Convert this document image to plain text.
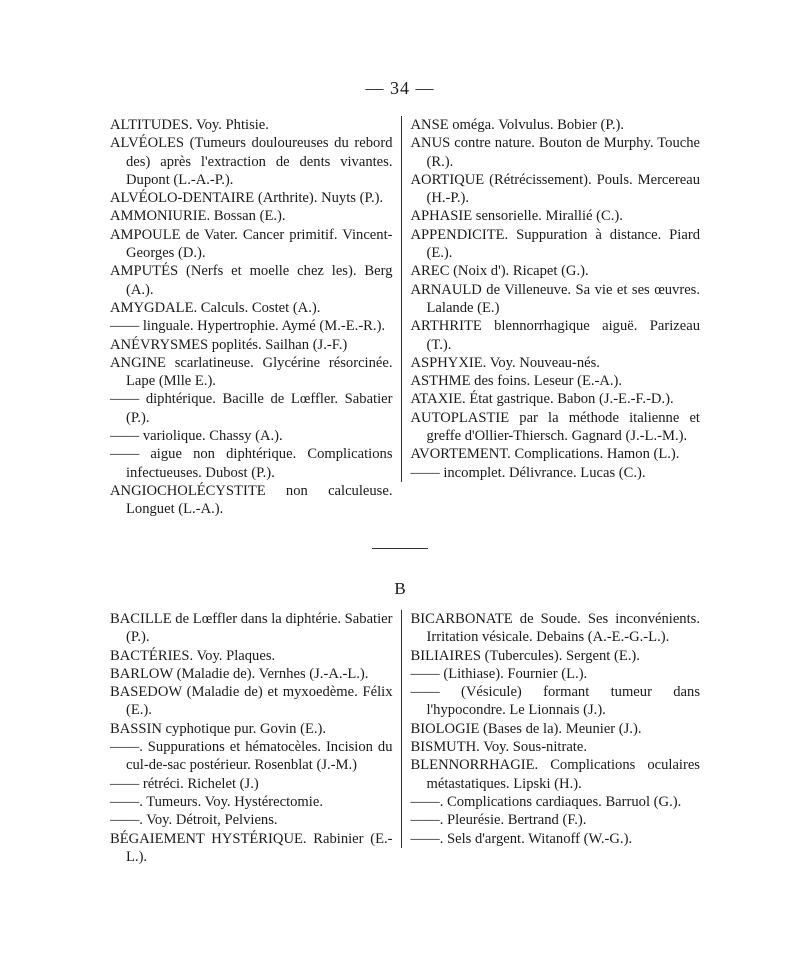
— 34 —
ALTITUDES. Voy. Phtisie.
ALVÉOLES (Tumeurs douloureuses du rebord des) après l'extraction de dents vivantes. Dupont (L.-A.-P.).
ALVÉOLO-DENTAIRE (Arthrite). Nuyts (P.).
AMMONIURIE. Bossan (E.).
AMPOULE de Vater. Cancer primitif. Vincent-Georges (D.).
AMPUTÉS (Nerfs et moelle chez les). Berg (A.).
AMYGDALE. Calculs. Costet (A.).
—— linguale. Hypertrophie. Aymé (M.-E.-R.).
ANÉVRYSMES poplités. Sailhan (J.-F.)
ANGINE scarlatineuse. Glycérine résorcinée. Lape (Mlle E.).
—— diphtérique. Bacille de Lœffler. Sabatier (P.).
—— variolique. Chassy (A.).
—— aigue non diphtérique. Complications infectueuses. Dubost (P.).
ANGIOCHOLÉCYSTITE non calculeuse. Longuet (L.-A.).
ANSE oméga. Volvulus. Bobier (P.).
ANUS contre nature. Bouton de Murphy. Touche (R.).
AORTIQUE (Rétrécissement). Pouls. Mercereau (H.-P.).
APHASIE sensorielle. Mirallié (C.).
APPENDICITE. Suppuration à distance. Piard (E.).
AREC (Noix d'). Ricapet (G.).
ARNAULD de Villeneuve. Sa vie et ses œuvres. Lalande (E.)
ARTHRITE blennorrhagique aiguë. Parizeau (T.).
ASPHYXIE. Voy. Nouveau-nés.
ASTHME des foins. Leseur (E.-A.).
ATAXIE. État gastrique. Babon (J.-E.-F.-D.).
AUTOPLASTIE par la méthode italienne et greffe d'Ollier-Thiersch. Gagnard (J.-L.-M.).
AVORTEMENT. Complications. Hamon (L.).
—— incomplet. Délivrance. Lucas (C.).
B
BACILLE de Lœffler dans la diphtérie. Sabatier (P.).
BACTÉRIES. Voy. Plaques.
BARLOW (Maladie de). Vernhes (J.-A.-L.).
BASEDOW (Maladie de) et myxoedème. Félix (E.).
BASSIN cyphotique pur. Govin (E.).
——. Suppurations et hématocèles. Incision du cul-de-sac postérieur. Rosenblat (J.-M.)
—— rétréci. Richelet (J.)
——. Tumeurs. Voy. Hystérectomie.
——. Voy. Détroit, Pelviens.
BÉGAIEMENT HYSTÉRIQUE. Rabinier (E.-L.).
BICARBONATE de Soude. Ses inconvénients. Irritation vésicale. Debains (A.-E.-G.-L.).
BILIAIRES (Tubercules). Sergent (E.).
—— (Lithiase). Fournier (L.).
—— (Vésicule) formant tumeur dans l'hypocondre. Le Lionnais (J.).
BIOLOGIE (Bases de la). Meunier (J.).
BISMUTH. Voy. Sous-nitrate.
BLENNORRHAGIE. Complications oculaires métastatiques. Lipski (H.).
——. Complications cardiaques. Barruol (G.).
——. Pleurésie. Bertrand (F.).
——. Sels d'argent. Witanoff (W.-G.).
